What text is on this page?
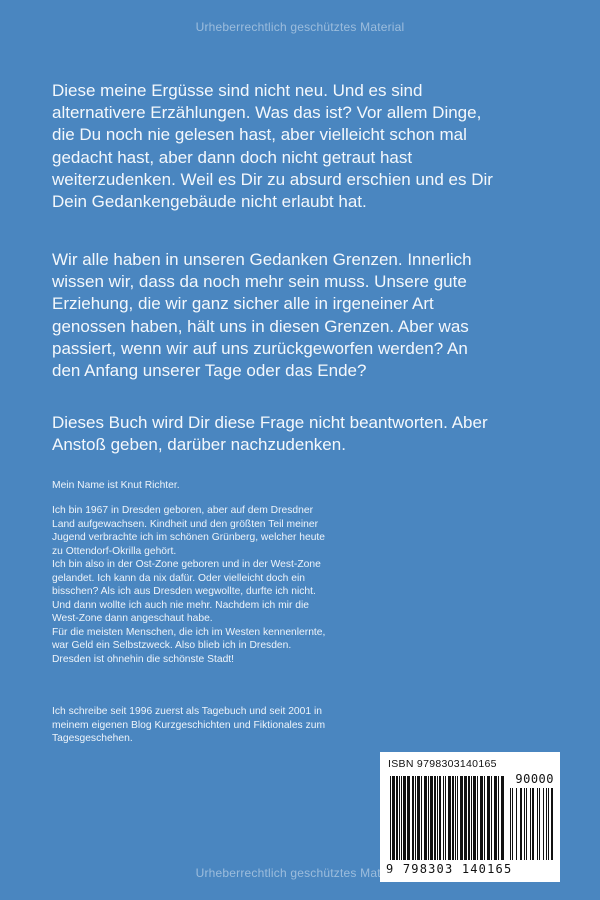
Urheberrechtlich geschütztes Material

Diese meine Ergüsse sind nicht neu. Und es sind

alternativere Erzählungen. Was das ist? Vor allem Dinge,

die Du noch nie gelesen hast, aber vielleicht schon mal

gedacht hast, aber dann doch nicht getraut hast

weiterzudenken. Weil es Dir zu absurd erschien und es Dir

Dein Gedankengebäude nicht erlaubt hat.

Wir alle haben in unseren Gedanken Grenzen. Innerlich

wissen wir, dass da noch mehr sein muss. Unsere gute

Erziehung, die wir ganz sicher alle in irgeneiner Art

genossen haben, hält uns in diesen Grenzen. Aber was

passiert, wenn wir auf uns zurückgeworfen werden? An

den Anfang unserer Tage oder das Ende?

Dieses Buch wird Dir diese Frage nicht beantworten. Aber

Anstoß geben, darüber nachzudenken.

Mein Name ist Knut Richter.

Ich bin 1967 in Dresden geboren, aber auf dem Dresdner

Land aufgewachsen. Kindheit und den größten Teil meiner

Jugend verbrachte ich im schönen Grünberg, welcher heute

zu Ottendorf-Okrilla gehört.

Ich bin also in der Ost-Zone geboren und in der West-Zone

gelandet. Ich kann da nix dafür. Oder vielleicht doch ein

bisschen? Als ich aus Dresden wegwollte, durfte ich nicht.

Und dann wollte ich auch nie mehr. Nachdem ich mir die

West-Zone dann angeschaut habe.

Für die meisten Menschen, die ich im Westen kennenlernte,

war Geld ein Selbstzweck. Also blieb ich in Dresden.

Dresden ist ohnehin die schönste Stadt!

Ich schreibe seit 1996 zuerst als Tagebuch und seit 2001 in

meinem eigenen Blog Kurzgeschichten und Fiktionales zum

Tagesgeschehen.

ISBN 9798303140165
90000
9 798303 140165
Urheberrechtlich geschütztes Material
